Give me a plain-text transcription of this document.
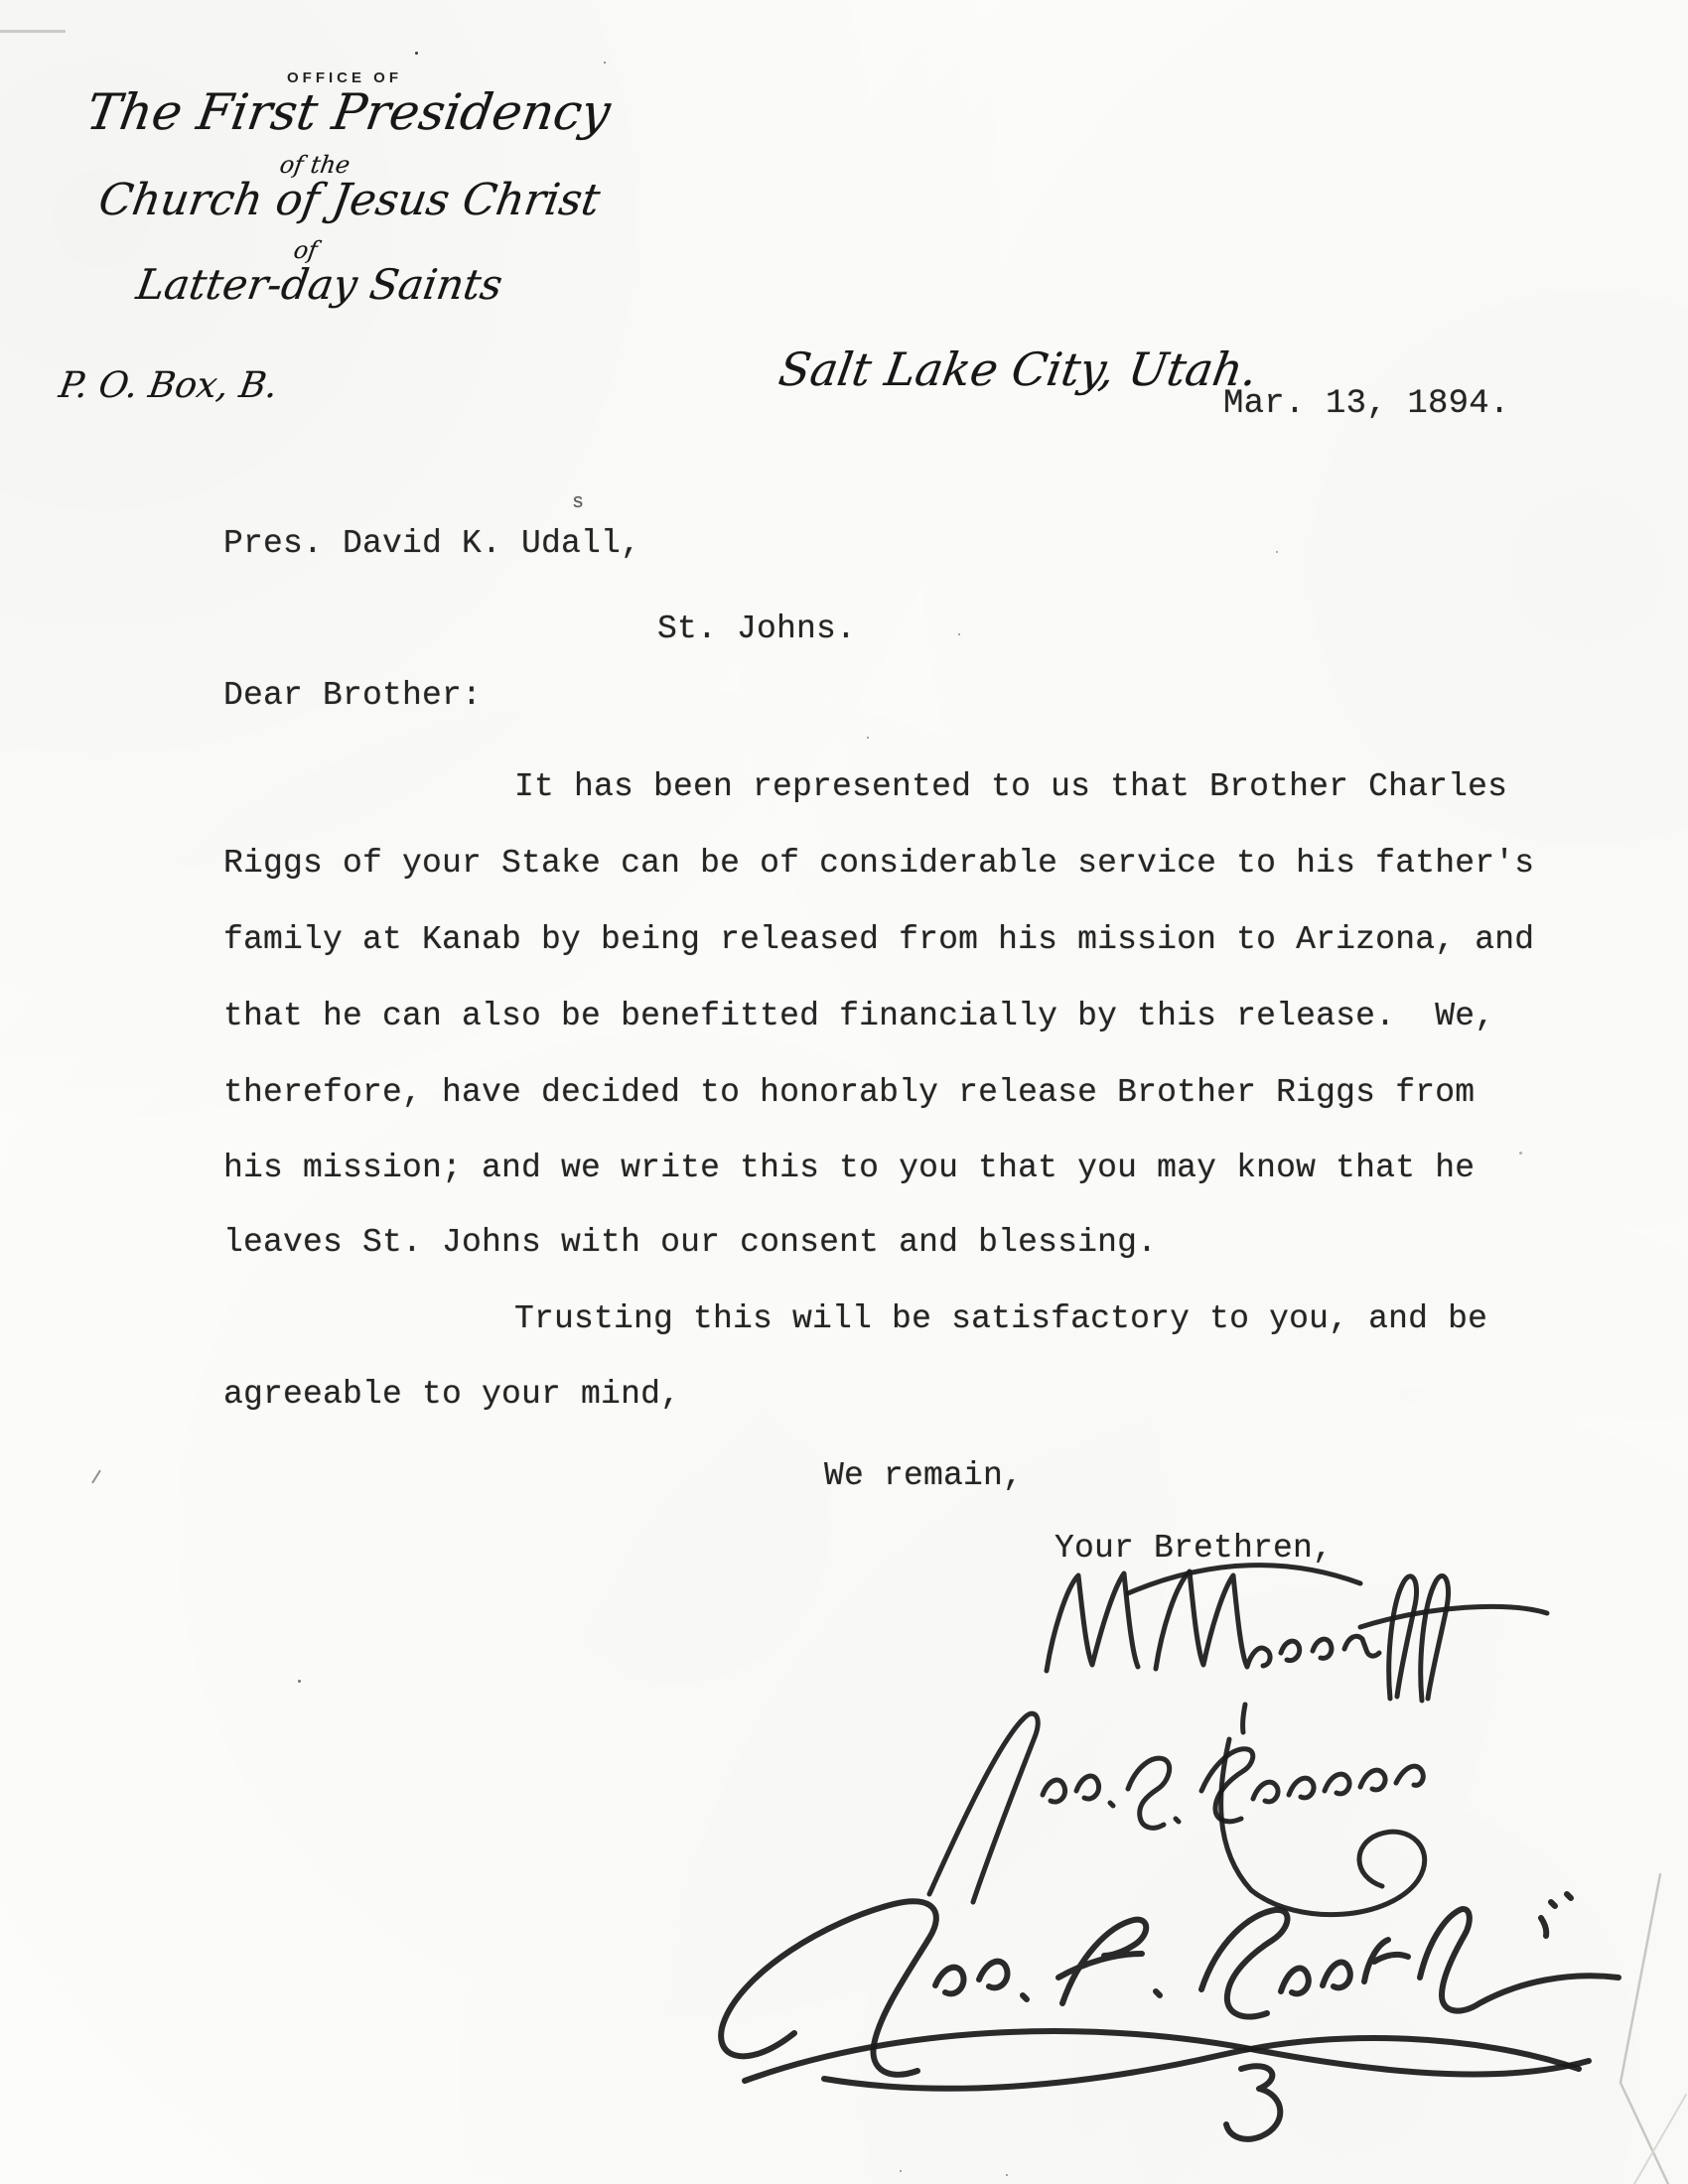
OFFICE OF
The First Presidency
of the
Church of Jesus Christ
of
Latter-day Saints
P. O. Box, B.	Salt Lake City, Utah.
Mar. 13, 1894.
s
Pres. David K. Udall,
St. Johns.
Dear Brother:
It has been represented to us that Brother Charles
Riggs of your Stake can be of considerable service to his father's
family at Kanab by being released from his mission to Arizona, and
that he can also be benefitted financially by this release.  We,
therefore, have decided to honorably release Brother Riggs from
his mission; and we write this to you that you may know that he
leaves St. Johns with our consent and blessing.
Trusting this will be satisfactory to you, and be
agreeable to your mind,
We remain,
Your Brethren,
